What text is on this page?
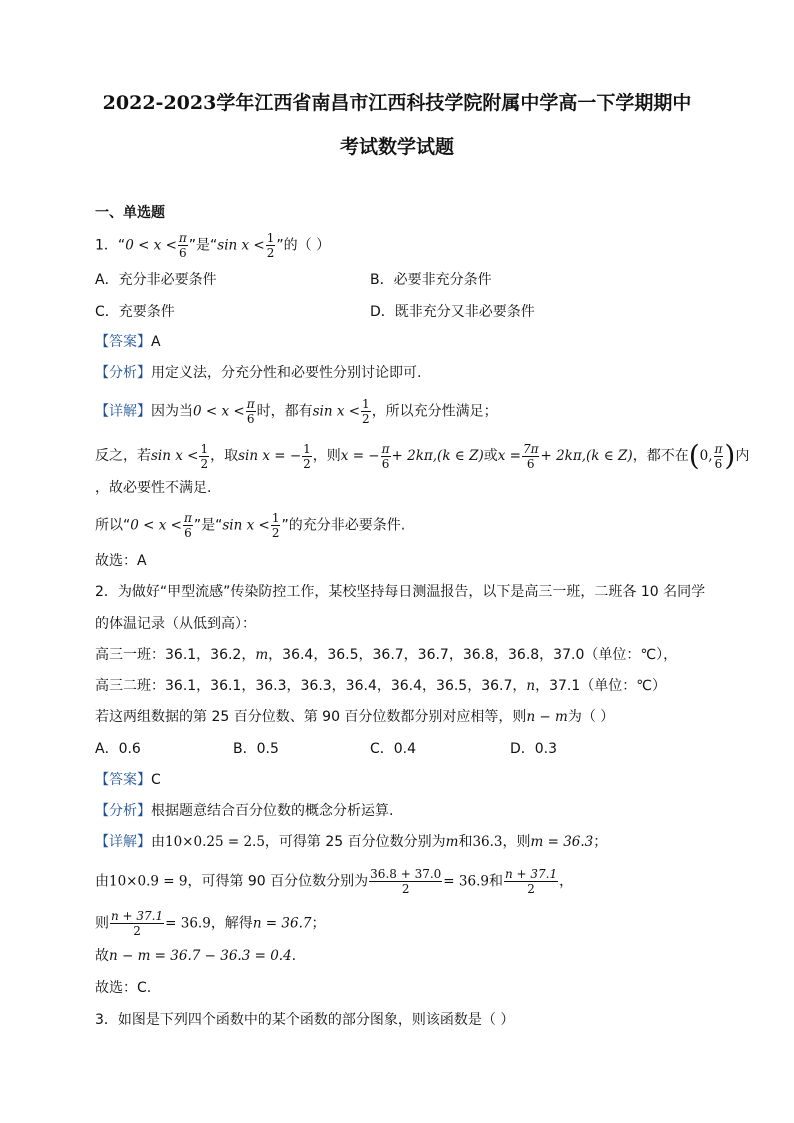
2022-2023学年江西省南昌市江西科技学院附属中学高一下学期期中
考试数学试题
一、单选题
1．“$0 < x < \frac{\pi}{6}$ ”是“sin $x < \frac{1}{2}$ ”的（ ）
A．充分非必要条件	B．必要非充分条件
C．充要条件	D．既非充分又非必要条件
【答案】A
【分析】用定义法，分充分性和必要性分别讨论即可.
【详解】因为当$0 < x < \frac{\pi}{6}$ 时，都有$\sin x < \frac{1}{2}$ ，所以充分性满足；
反之，若$\sin x < \frac{1}{2}$ ，取sin x = − $\frac{1}{2}$ ，则x = − $\frac{\pi}{6} + 2k\pi,(k$ ∈ Z)或$x = \frac{7\pi}{6} + 2k\pi,(k$ ∈ Z)，都不在(0, $\frac{\pi}{6}$ )内
，故必要性不满足.
所以“$0 < x < \frac{\pi}{6}$ ”是“sin $x < \frac{1}{2}$ ”的充分非必要条件.
故选：A
2．为做好“甲型流感”传染防控工作，某校坚持每日测温报告，以下是高三一班，二班各 10 名同学
的体温记录（从低到高）：
高三一班：36.1，36.2，m，36.4，36.5，36.7，36.7，36.8，36.8，37.0（单位：℃），
高三二班：36.1，36.1，36.3，36.3，36.4，36.4，36.5，36.7，n，37.1（单位：℃）
若这两组数据的第 25 百分位数、第 90 百分位数都分别对应相等，则n − m为（ ）
A．0.6	B．0.5	C．0.4	D．0.3
【答案】C
【分析】根据题意结合百分位数的概念分析运算.
【详解】由10×0.25 = 2.5，可得第 25 百分位数分别为m和36.3，则m = 36.3；
由10×0.9 = 9，可得第 90 百分位数分别为 $\frac{36.8 + 37.0}{2} = 36.9$和 $\frac{n + 37.1}{2}$ ，
则 $\frac{n + 37.1}{2} = 36.9$，解得n = 36.7；
故n − m = 36.7 − 36.3 = 0.4.
故选：C.
3．如图是下列四个函数中的某个函数的部分图象，则该函数是（ ）
